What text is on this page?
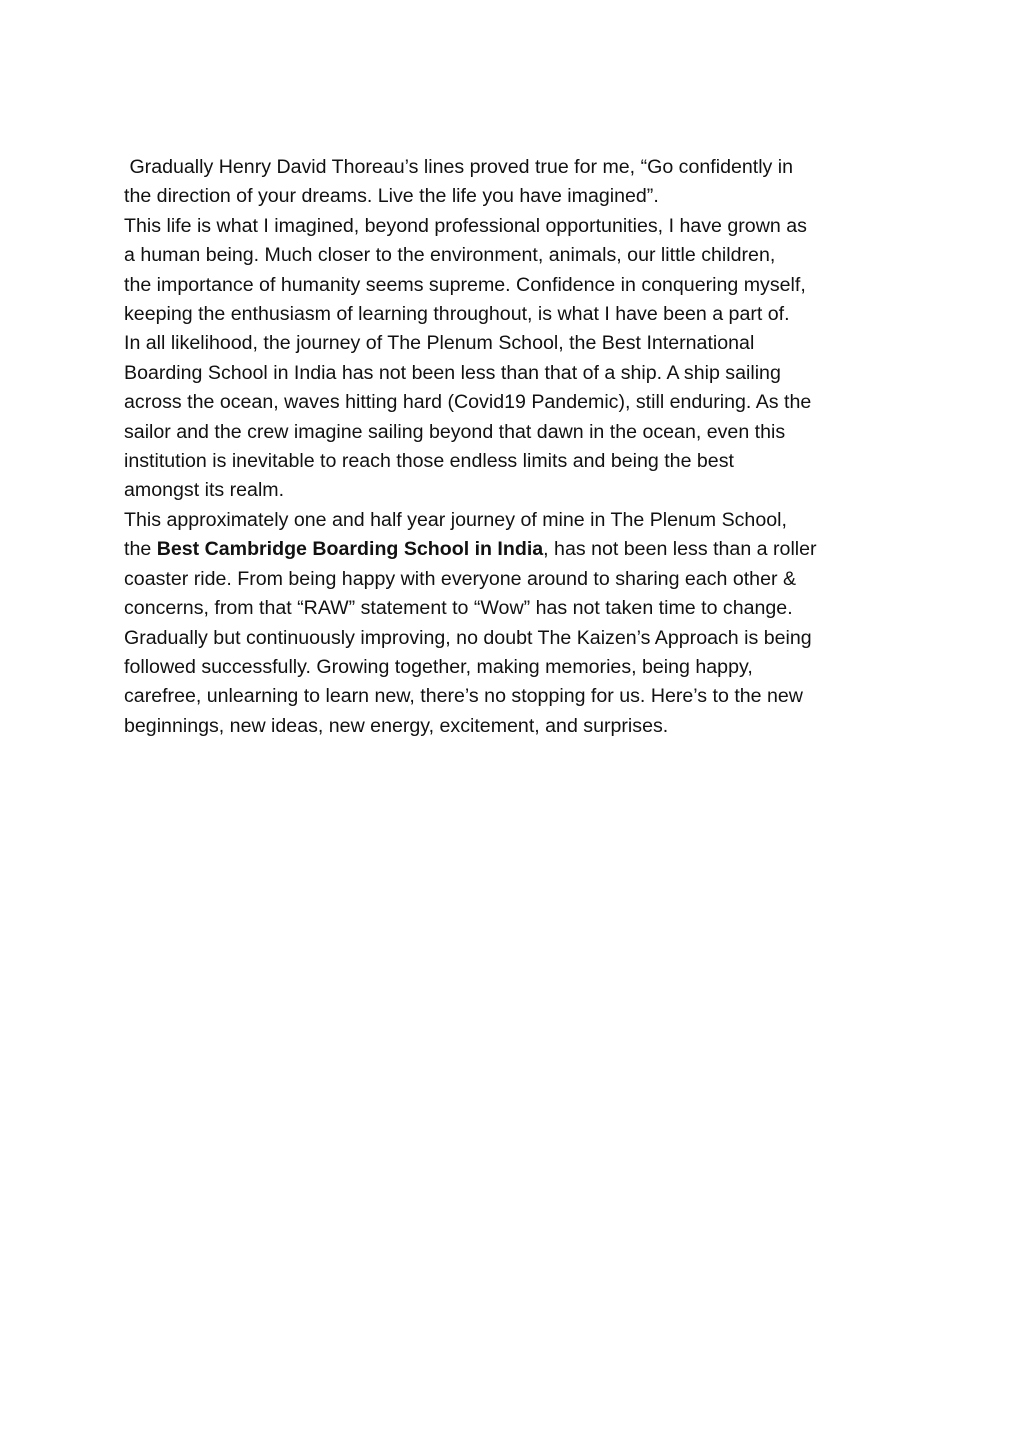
Gradually Henry David Thoreau’s lines proved true for me, “Go confidently in
the direction of your dreams. Live the life you have imagined”.

This life is what I imagined, beyond professional opportunities, I have grown as
a human being. Much closer to the environment, animals, our little children,
the importance of humanity seems supreme. Confidence in conquering myself,
keeping the enthusiasm of learning throughout, is what I have been a part of.
In all likelihood, the journey of The Plenum School, the Best International
Boarding School in India has not been less than that of a ship. A ship sailing
across the ocean, waves hitting hard (Covid19 Pandemic), still enduring. As the
sailor and the crew imagine sailing beyond that dawn in the ocean, even this
institution is inevitable to reach those endless limits and being the best
amongst its realm.

This approximately one and half year journey of mine in The Plenum School,
the Best Cambridge Boarding School in India, has not been less than a roller
coaster ride. From being happy with everyone around to sharing each other &
concerns, from that “RAW” statement to “Wow” has not taken time to change.
Gradually but continuously improving, no doubt The Kaizen’s Approach is being
followed successfully. Growing together, making memories, being happy,
carefree, unlearning to learn new, there’s no stopping for us. Here’s to the new
beginnings, new ideas, new energy, excitement, and surprises.
